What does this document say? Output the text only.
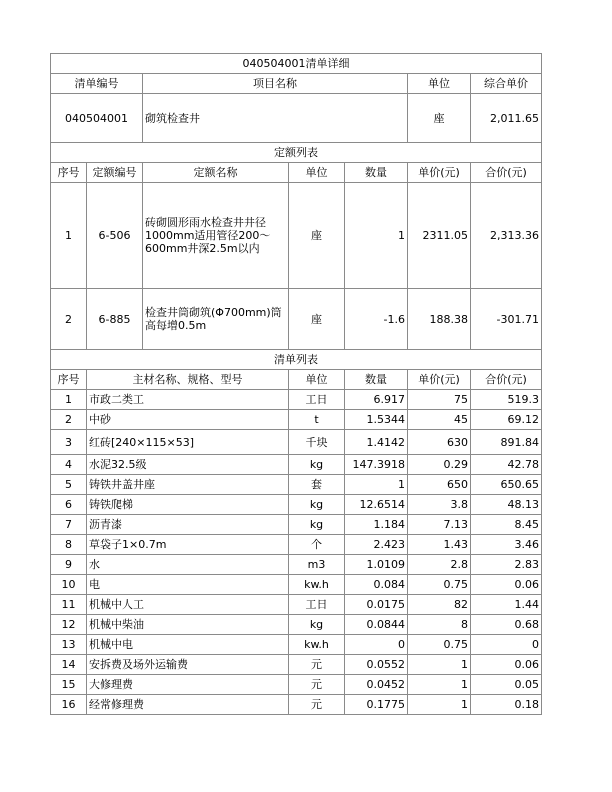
040504001清单详细						
清单编号		项目名称			单位	综合单价
040504001		砌筑检查井			座	2,011.65
定额列表						
序号	定额编号	定额名称	单位	数量	单价(元)	合价(元)
1	6-506	砖砌圆形雨水检查井井径1000mm适用管径200～600mm井深2.5m以内	座	1	2311.05	2,313.36
2	6-885	检查井筒砌筑(Φ700mm)筒高每增0.5m	座	-1.6	188.38	-301.71
清单列表						
序号	主材名称、规格、型号		单位	数量	单价(元)	合价(元)
1	市政二类工		工日	6.917	75	519.3
2	中砂		t	1.5344	45	69.12
3	红砖[240×115×53]		千块	1.4142	630	891.84
4	水泥32.5级		kg	147.3918	0.29	42.78
5	铸铁井盖井座		套	1	650	650.65
6	铸铁爬梯		kg	12.6514	3.8	48.13
7	沥青漆		kg	1.184	7.13	8.45
8	草袋子1×0.7m		个	2.423	1.43	3.46
9	水		m3	1.0109	2.8	2.83
10	电		kw.h	0.084	0.75	0.06
11	机械中人工		工日	0.0175	82	1.44
12	机械中柴油		kg	0.0844	8	0.68
13	机械中电		kw.h	0	0.75	0
14	安拆费及场外运输费		元	0.0552	1	0.06
15	大修理费		元	0.0452	1	0.05
16	经常修理费		元	0.1775	1	0.18
